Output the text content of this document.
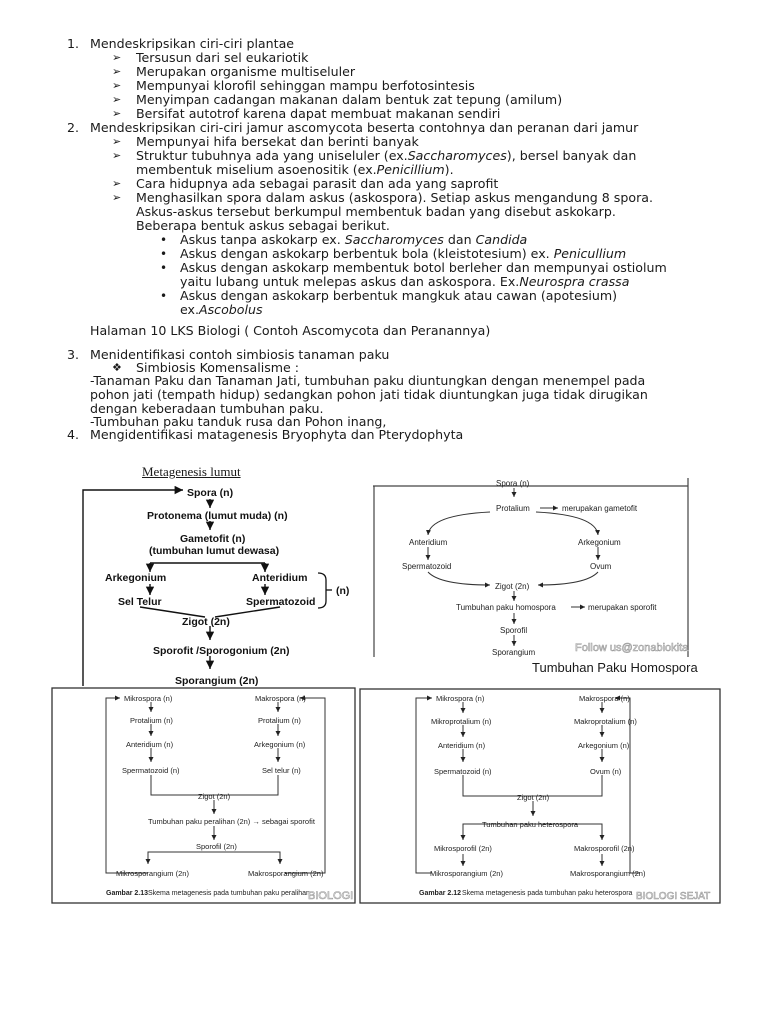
1. Mendeskripsikan ciri-ciri plantae
➢ Tersusun dari sel eukariotik
➢ Merupakan organisme multiseluler
➢ Mempunyai klorofil sehinggan mampu berfotosintesis
➢ Menyimpan cadangan makanan dalam bentuk zat tepung (amilum)
➢ Bersifat autotrof karena dapat membuat makanan sendiri
2. Mendeskripsikan ciri-ciri jamur ascomycota beserta contohnya dan peranan dari jamur
➢ Mempunyai hifa bersekat dan berinti banyak
➢ Struktur tubuhnya ada yang uniseluler (ex.Saccharomyces), bersel banyak dan
membentuk miselium asoenositik (ex.Penicillium).
➢ Cara hidupnya ada sebagai parasit dan ada yang saprofit
➢ Menghasilkan spora dalam askus (askospora). Setiap askus mengandung 8 spora.
Askus-askus tersebut berkumpul membentuk badan yang disebut askokarp.
Beberapa bentuk askus sebagai berikut.
• Askus tanpa askokarp ex. Saccharomyces dan Candida
• Askus dengan askokarp berbentuk bola (kleistotesium) ex. Penicullium
• Askus dengan askokarp membentuk botol berleher dan mempunyai ostiolum
yaitu lubang untuk melepas askus dan askospora. Ex.Neurospra crassa
• Askus dengan askokarp berbentuk mangkuk atau cawan (apotesium)
ex.Ascobolus
Halaman 10 LKS Biologi ( Contoh Ascomycota dan Peranannya)
3. Menidentifikasi contoh simbiosis tanaman paku
❖ Simbiosis Komensalisme :
-Tanaman Paku dan Tanaman Jati, tumbuhan paku diuntungkan dengan menempel pada
pohon jati (tempath hidup) sedangkan pohon jati tidak diuntungkan juga tidak dirugikan
dengan keberadaan tumbuhan paku.
-Tumbuhan paku tanduk rusa dan Pohon inang,
4. Mengidentifikasi matagenesis Bryophyta dan Pterydophyta
Metagenesis lumut
Spora (n)
Protonema (lumut muda) (n)
Gametofit (n)
(tumbuhan lumut dewasa)
Arkegonium	Anteridium
Sel Telur	Spermatozoid
(n)
Zigot (2n)
Sporofit /Sporogonium (2n)
Sporangium (2n)
Spora (n)
Protalium	merupakan gametofit
Anteridium	Arkegonium
Spermatozoid	Ovum
Zigot (2n)
Tumbuhan paku homospora	merupakan sporofit
Sporofil
Sporangium	Follow us@zonabiokita
Tumbuhan Paku Homospora
Mikrospora (n)	Makrospora (n)
Protalium (n)	Protalium (n)
Anteridium (n)	Arkegonium (n)
Spermatozoid (n)	Sel telur (n)
Zigot (2n)
Tumbuhan paku peralihan (2n) → sebagai sporofit
Sporofil (2n)
Mikrosporangium (2n)	Makrosporangium (2n)
Gambar 2.13 Skema metagenesis pada tumbuhan paku peralihan
BIOLOGI
Mikrospora (n)	Makrospora (n)
Mikroprotalium (n)	Makroprotalium (n)
Anteridium (n)	Arkegonium (n)
Spermatozoid (n)	Ovum (n)
Zigot (2n)
Tumbuhan paku heterospora
Mikrosporofil (2n)	Makrosporofil (2n)
Mikrosporangium (2n)	Makrosporangium (2n)
Gambar 2.12 Skema metagenesis pada tumbuhan paku heterospora BIOLOGI SEJAT
